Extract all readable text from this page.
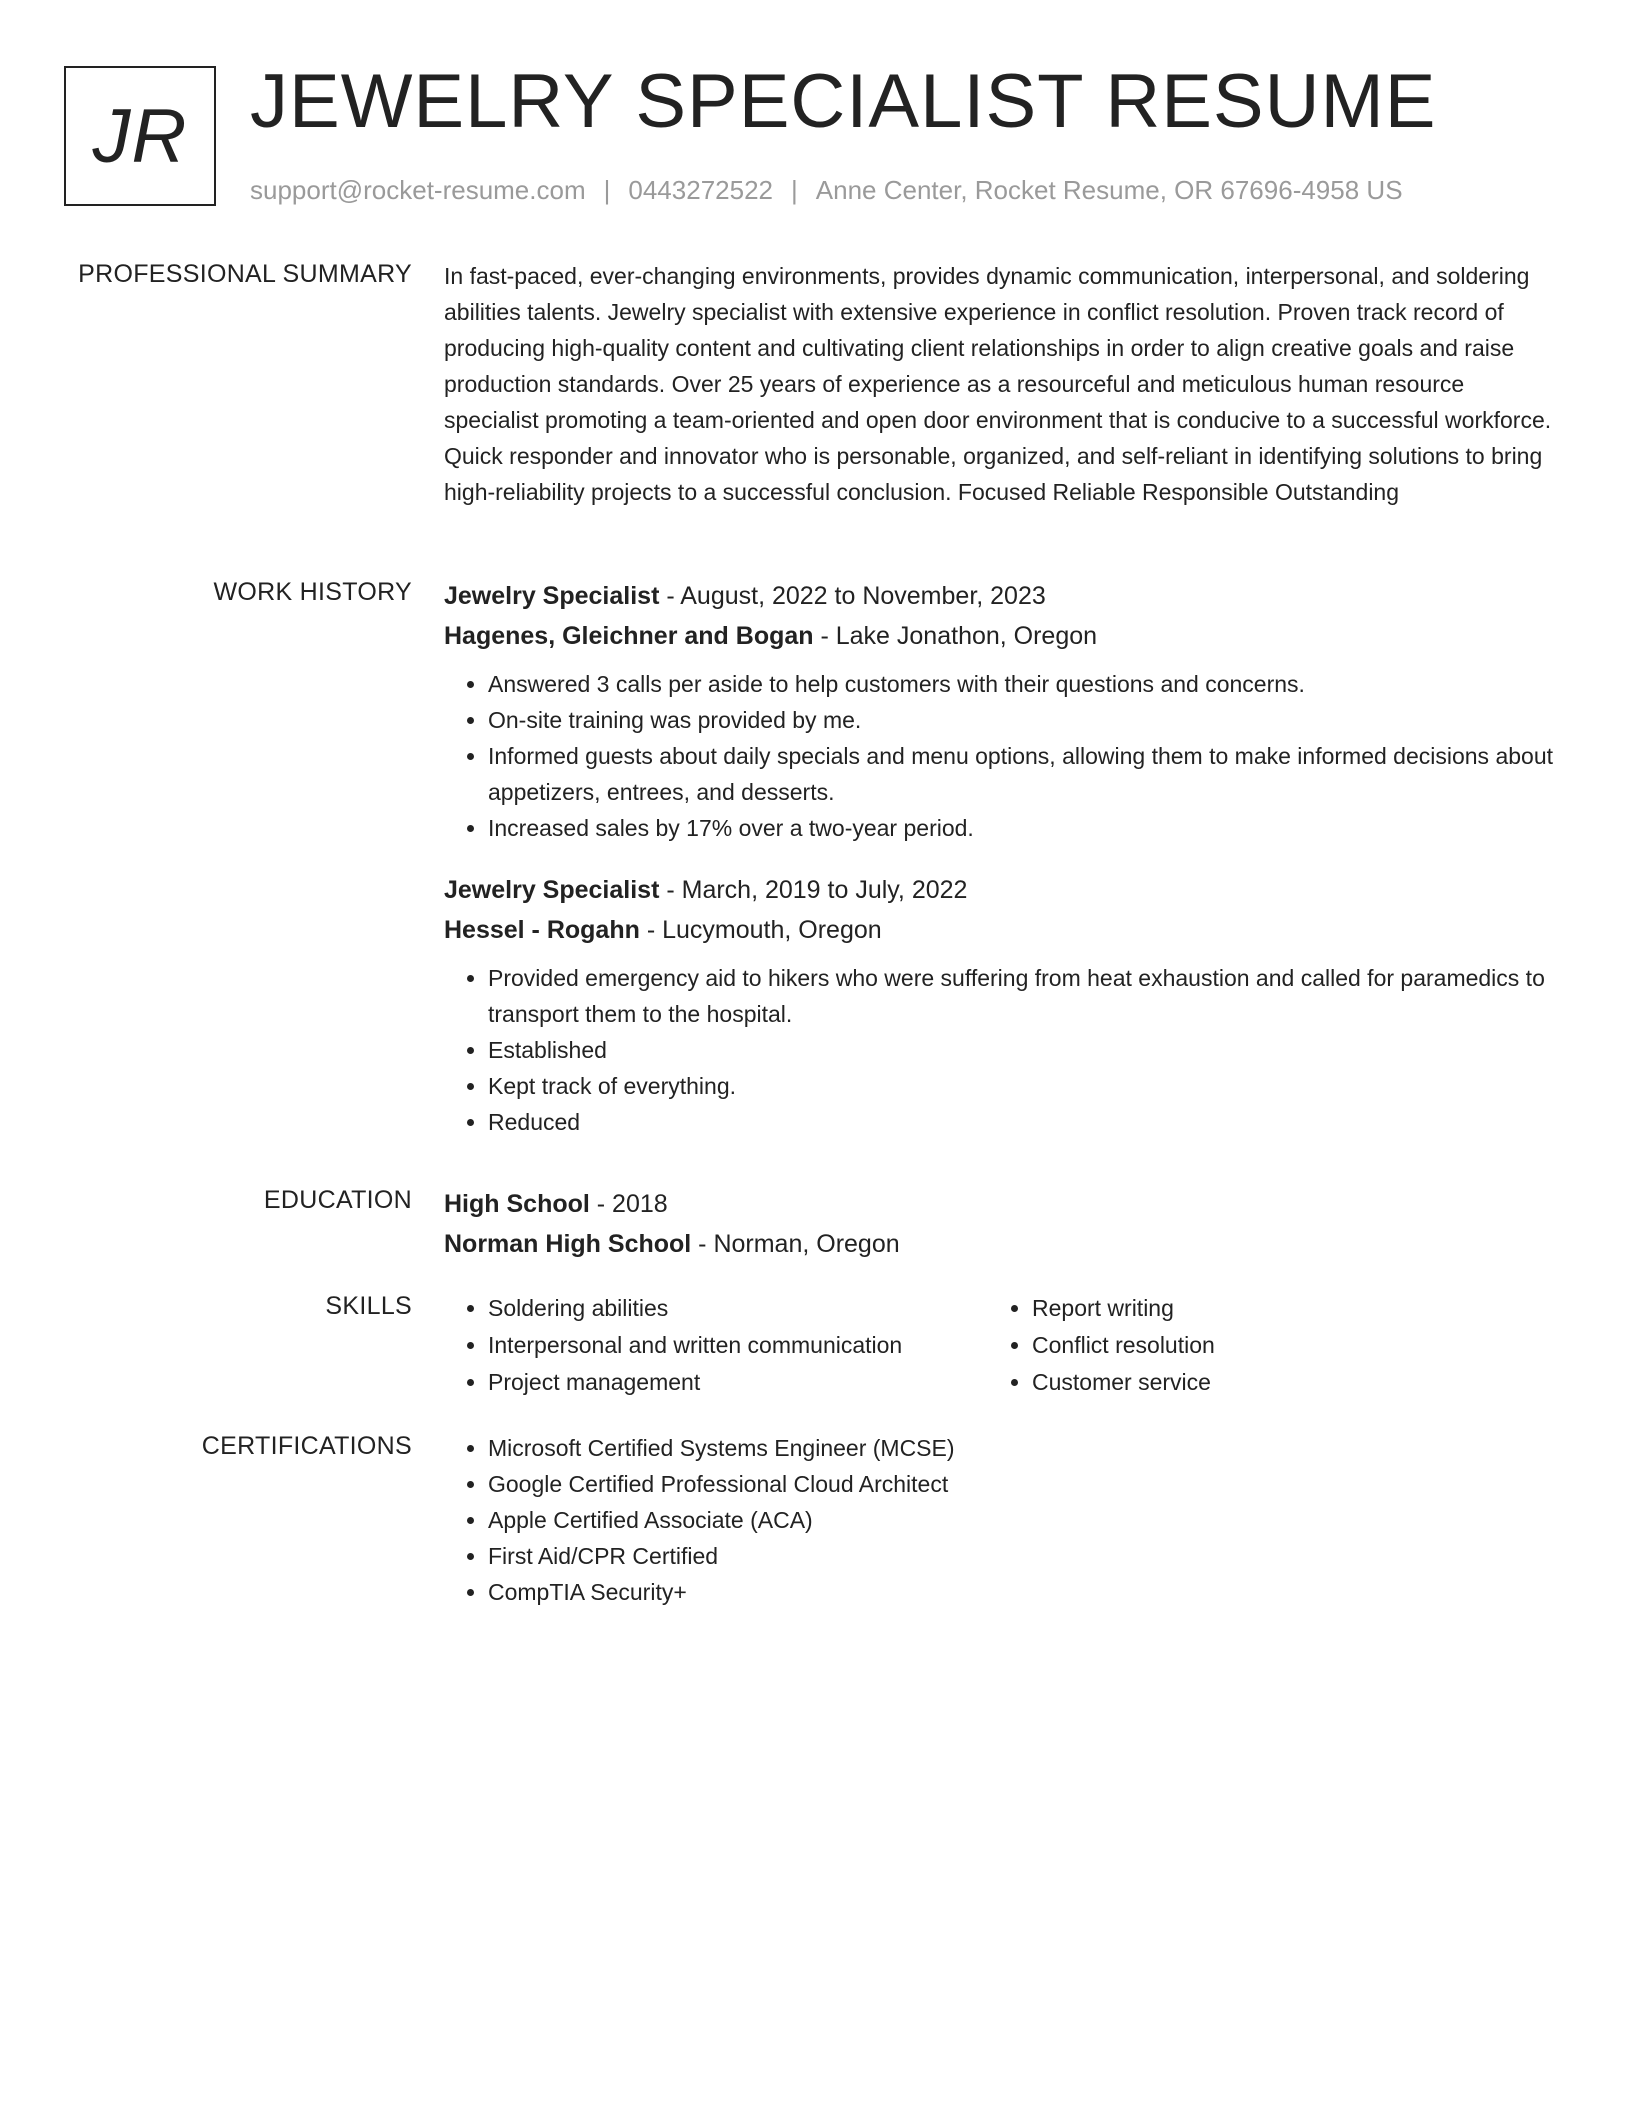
JR JEWELRY SPECIALIST RESUME
support@rocket-resume.com | 0443272522 | Anne Center, Rocket Resume, OR 67696-4958 US
PROFESSIONAL SUMMARY In fast-paced, ever-changing environments, provides dynamic communication, interpersonal, and soldering abilities talents. Jewelry specialist with extensive experience in conflict resolution. Proven track record of producing high-quality content and cultivating client relationships in order to align creative goals and raise production standards. Over 25 years of experience as a resourceful and meticulous human resource specialist promoting a team-oriented and open door environment that is conducive to a successful workforce. Quick responder and innovator who is personable, organized, and self-reliant in identifying solutions to bring high-reliability projects to a successful conclusion. Focused Reliable Responsible Outstanding

WORK HISTORY Jewelry Specialist - August, 2022 to November, 2023
Hagenes, Gleichner and Bogan - Lake Jonathon, Oregon
• Answered 3 calls per aside to help customers with their questions and concerns.
• On-site training was provided by me.
• Informed guests about daily specials and menu options, allowing them to make informed decisions about appetizers, entrees, and desserts.
• Increased sales by 17% over a two-year period.
Jewelry Specialist - March, 2019 to July, 2022
Hessel - Rogahn - Lucymouth, Oregon
• Provided emergency aid to hikers who were suffering from heat exhaustion and called for paramedics to transport them to the hospital.
• Established
• Kept track of everything.
• Reduced
EDUCATION High School - 2018
Norman High School - Norman, Oregon
SKILLS	• Soldering abilities
• Interpersonal and written communication
• Project management
• Report writing
• Conflict resolution
• Customer service
CERTIFICATIONS	• Microsoft Certified Systems Engineer (MCSE)
• Google Certified Professional Cloud Architect
• Apple Certified Associate (ACA)
• First Aid/CPR Certified
• CompTIA Security+
